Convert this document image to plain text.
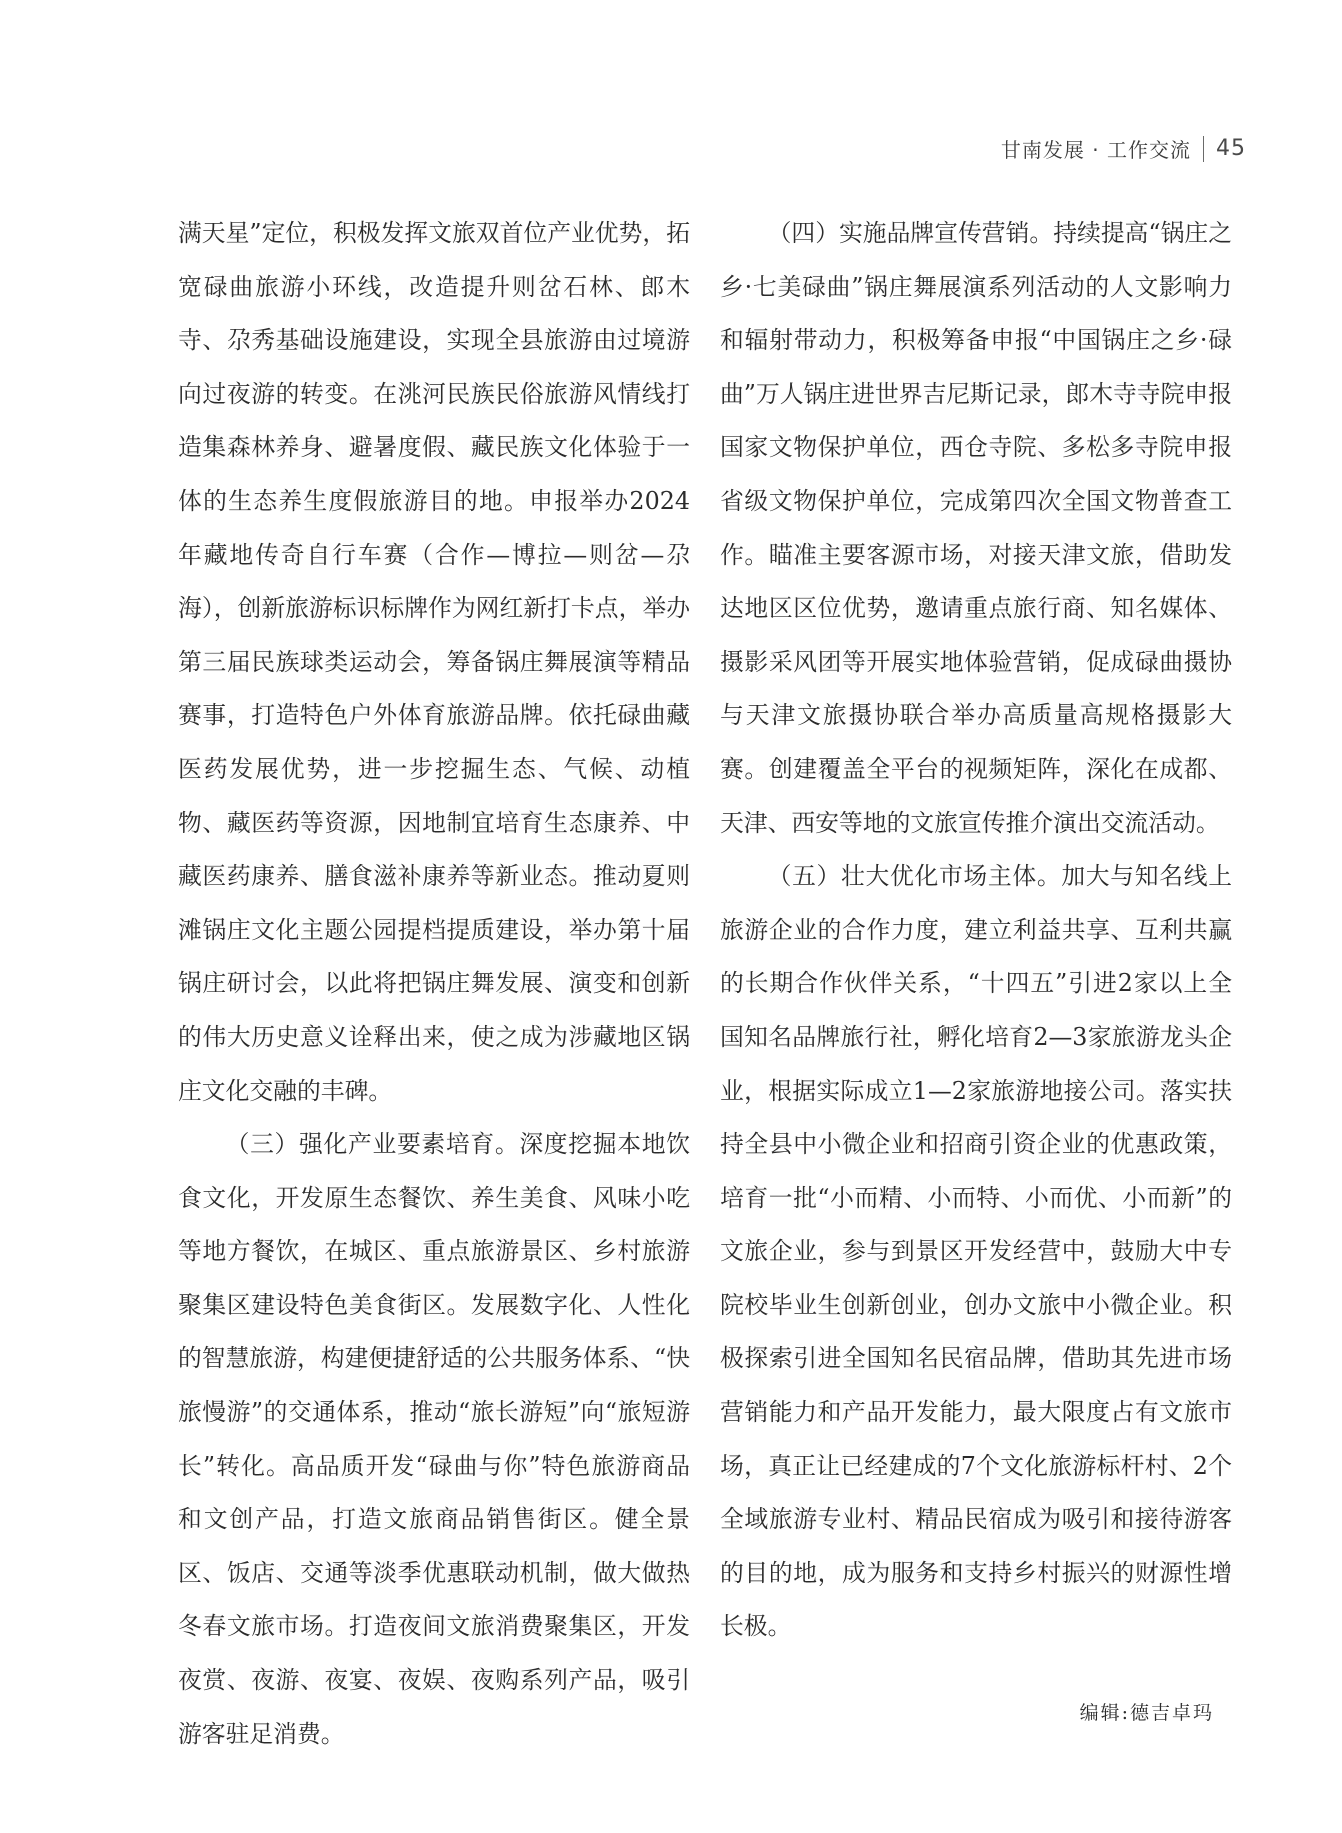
甘南发展 · 工作交流 45

满天星”定位，积极发挥文旅双首位产业优势，拓宽碌曲旅游小环线，改造提升则岔石林、郎木寺、尕秀基础设施建设，实现全县旅游由过境游向过夜游的转变。在洮河民族民俗旅游风情线打造集森林养身、避暑度假、藏民族文化体验于一体的生态养生度假旅游目的地。申报举办2024年藏地传奇自行车赛（合作—博拉—则岔—尕海），创新旅游标识标牌作为网红新打卡点，举办第三届民族球类运动会，筹备锅庄舞展演等精品赛事，打造特色户外体育旅游品牌。依托碌曲藏医药发展优势，进一步挖掘生态、气候、动植物、藏医药等资源，因地制宜培育生态康养、中藏医药康养、膳食滋补康养等新业态。推动夏则滩锅庄文化主题公园提档提质建设，举办第十届锅庄研讨会，以此将把锅庄舞发展、演变和创新的伟大历史意义诠释出来，使之成为涉藏地区锅庄文化交融的丰碑。

（三）强化产业要素培育。深度挖掘本地饮食文化，开发原生态餐饮、养生美食、风味小吃等地方餐饮，在城区、重点旅游景区、乡村旅游聚集区建设特色美食街区。发展数字化、人性化的智慧旅游，构建便捷舒适的公共服务体系、“快旅慢游”的交通体系，推动“旅长游短”向“旅短游长”转化。高品质开发“碌曲与你”特色旅游商品和文创产品，打造文旅商品销售街区。健全景区、饭店、交通等淡季优惠联动机制，做大做热冬春文旅市场。打造夜间文旅消费聚集区，开发夜赏、夜游、夜宴、夜娱、夜购系列产品，吸引游客驻足消费。

（四）实施品牌宣传营销。持续提高“锅庄之乡·七美碌曲”锅庄舞展演系列活动的人文影响力和辐射带动力，积极筹备申报“中国锅庄之乡·碌曲”万人锅庄进世界吉尼斯记录，郎木寺寺院申报国家文物保护单位，西仓寺院、多松多寺院申报省级文物保护单位，完成第四次全国文物普查工作。瞄准主要客源市场，对接天津文旅，借助发达地区区位优势，邀请重点旅行商、知名媒体、摄影采风团等开展实地体验营销，促成碌曲摄协与天津文旅摄协联合举办高质量高规格摄影大赛。创建覆盖全平台的视频矩阵，深化在成都、天津、西安等地的文旅宣传推介演出交流活动。

（五）壮大优化市场主体。加大与知名线上旅游企业的合作力度，建立利益共享、互利共赢的长期合作伙伴关系，“十四五”引进2家以上全国知名品牌旅行社，孵化培育2—3家旅游龙头企业，根据实际成立1—2家旅游地接公司。落实扶持全县中小微企业和招商引资企业的优惠政策，培育一批“小而精、小而特、小而优、小而新”的文旅企业，参与到景区开发经营中，鼓励大中专院校毕业生创新创业，创办文旅中小微企业。积极探索引进全国知名民宿品牌，借助其先进市场营销能力和产品开发能力，最大限度占有文旅市场，真正让已经建成的7个文化旅游标杆村、2个全域旅游专业村、精品民宿成为吸引和接待游客的目的地，成为服务和支持乡村振兴的财源性增长极。

编辑:德吉卓玛
